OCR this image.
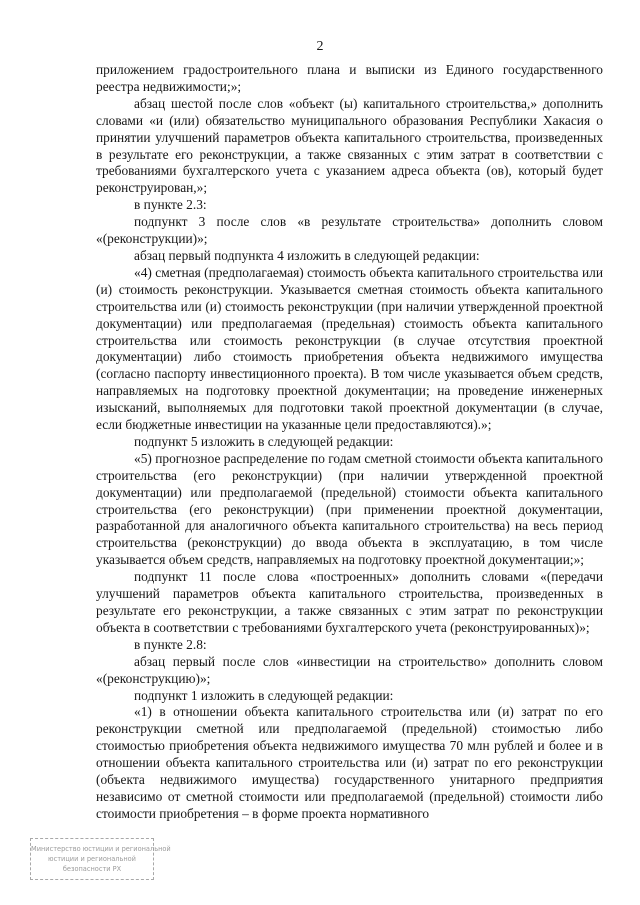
2

приложением градостроительного плана и выписки из Единого государственного реестра недвижимости;»;

абзац шестой после слов «объект (ы) капитального строительства,» дополнить словами «и (или) обязательство муниципального образования Республики Хакасия о принятии улучшений параметров объекта капитального строительства, произведенных в результате его реконструкции, а также связанных с этим затрат в соответствии с требованиями бухгалтерского учета с указанием адреса объекта (ов), который будет реконструирован,»;

в пункте 2.3:

подпункт 3 после слов «в результате строительства» дополнить словом «(реконструкции)»;

абзац первый подпункта 4 изложить в следующей редакции:

«4) сметная (предполагаемая) стоимость объекта капитального строительства или (и) стоимость реконструкции. Указывается сметная стоимость объекта капитального строительства или (и) стоимость реконструкции (при наличии утвержденной проектной документации) или предполагаемая (предельная) стоимость объекта капитального строительства или стоимость реконструкции (в случае отсутствия проектной документации) либо стоимость приобретения объекта недвижимого имущества (согласно паспорту инвестиционного проекта). В том числе указывается объем средств, направляемых на подготовку проектной документации; на проведение инженерных изысканий, выполняемых для подготовки такой проектной документации (в случае, если бюджетные инвестиции на указанные цели предоставляются).»;

подпункт 5 изложить в следующей редакции:

«5) прогнозное распределение по годам сметной стоимости объекта капитального строительства (его реконструкции) (при наличии утвержденной проектной документации) или предполагаемой (предельной) стоимости объекта капитального строительства (его реконструкции) (при применении проектной документации, разработанной для аналогичного объекта капитального строительства) на весь период строительства (реконструкции) до ввода объекта в эксплуатацию, в том числе указывается объем средств, направляемых на подготовку проектной документации;»;

подпункт 11 после слова «построенных» дополнить словами «(передачи улучшений параметров объекта капитального строительства, произведенных в результате его реконструкции, а также связанных с этим затрат по реконструкции объекта в соответствии с требованиями бухгалтерского учета (реконструированных)»;

в пункте 2.8:

абзац первый после слов «инвестиции на строительство» дополнить словом «(реконструкцию)»;

подпункт 1 изложить в следующей редакции:

«1) в отношении объекта капитального строительства или (и) затрат по его реконструкции сметной или предполагаемой (предельной) стоимостью либо стоимостью приобретения объекта недвижимого имущества 70 млн рублей и более и в отношении объекта капитального строительства или (и) затрат по его реконструкции (объекта недвижимого имущества) государственного унитарного предприятия независимо от сметной стоимости или предполагаемой (предельной) стоимости либо стоимости приобретения – в форме проекта нормативного

Министерство юстиции и региональной
юстиции и региональной
безопасности РХ
